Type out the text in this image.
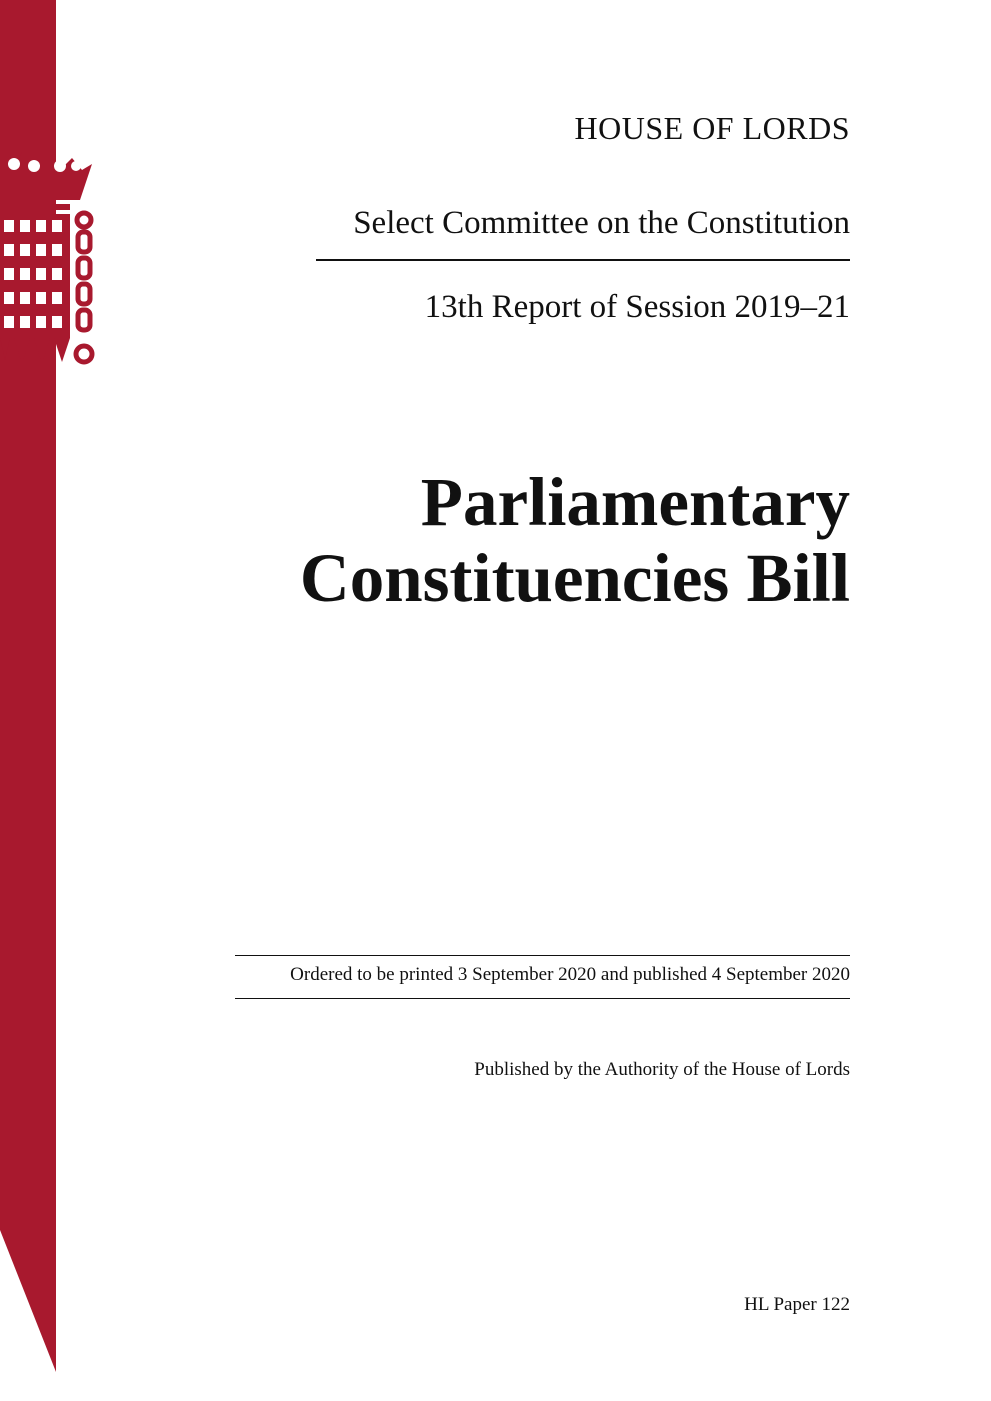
HOUSE OF LORDS
Select Committee on the Constitution
13th Report of Session 2019–21
Parliamentary
Constituencies Bill
Ordered to be printed 3 September 2020 and published 4 September 2020
Published by the Authority of the House of Lords
HL Paper 122
